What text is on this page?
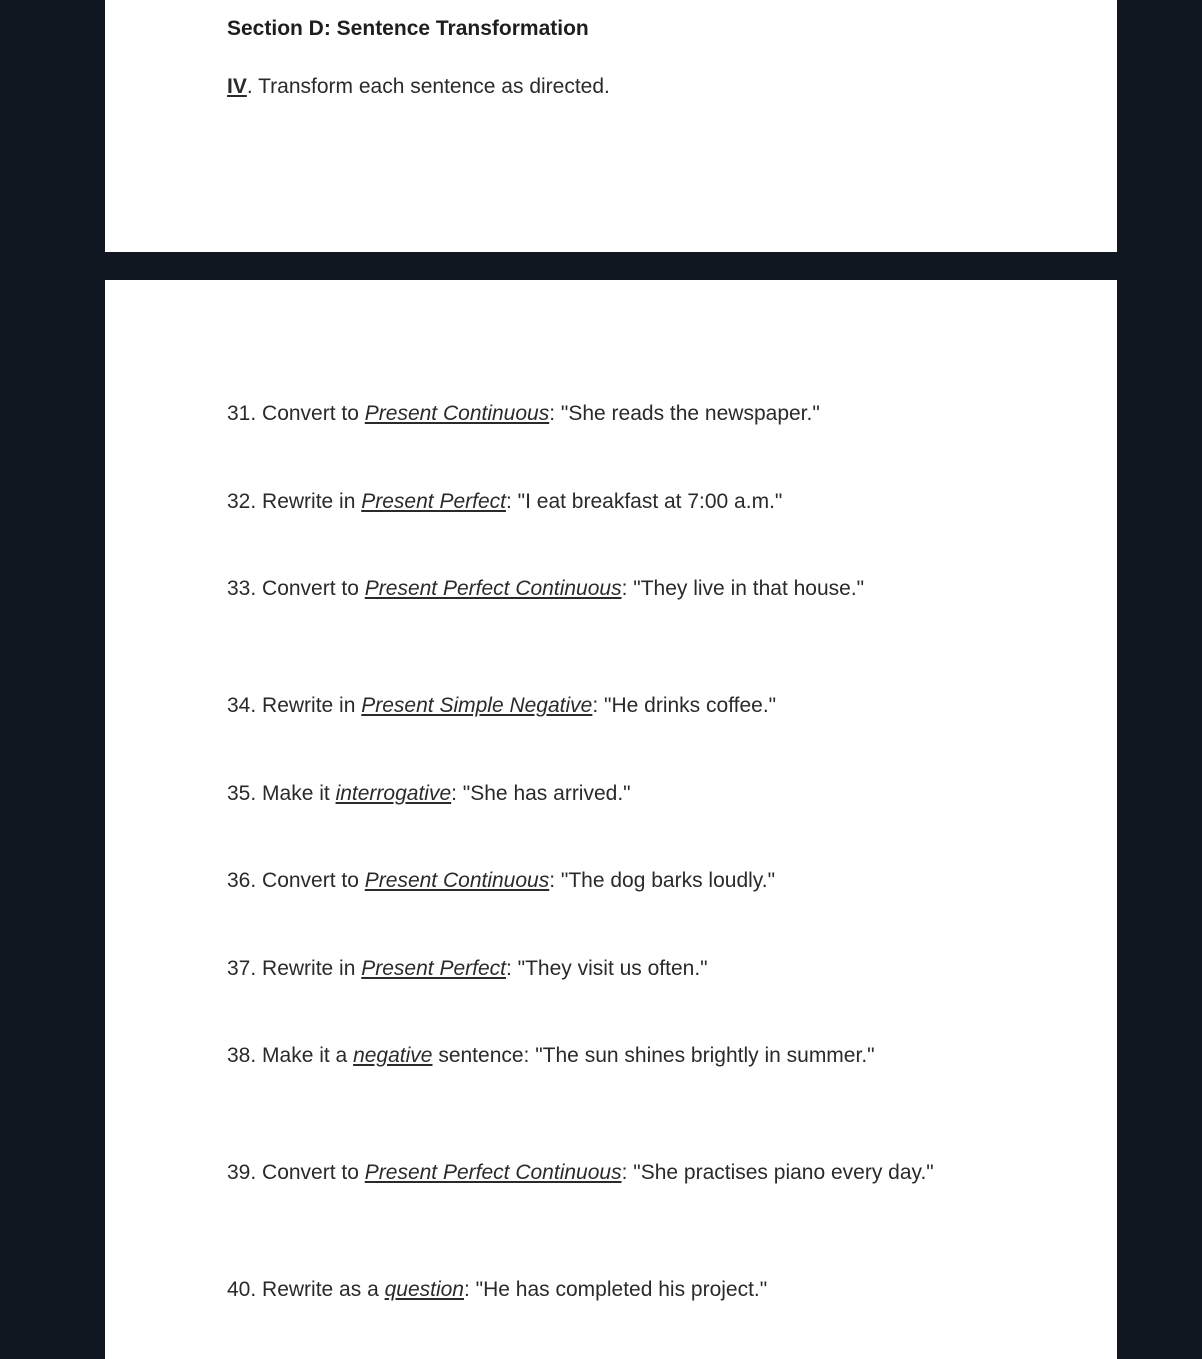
Section D: Sentence Transformation

IV. Transform each sentence as directed.

31. Convert to Present Continuous: "She reads the newspaper."

32. Rewrite in Present Perfect: "I eat breakfast at 7:00 a.m."

33. Convert to Present Perfect Continuous: "They live in that house."

34. Rewrite in Present Simple Negative: "He drinks coffee."

35. Make it interrogative: "She has arrived."

36. Convert to Present Continuous: "The dog barks loudly."

37. Rewrite in Present Perfect: "They visit us often."

38. Make it a negative sentence: "The sun shines brightly in summer."

39. Convert to Present Perfect Continuous: "She practises piano every day."

40. Rewrite as a question: "He has completed his project."
